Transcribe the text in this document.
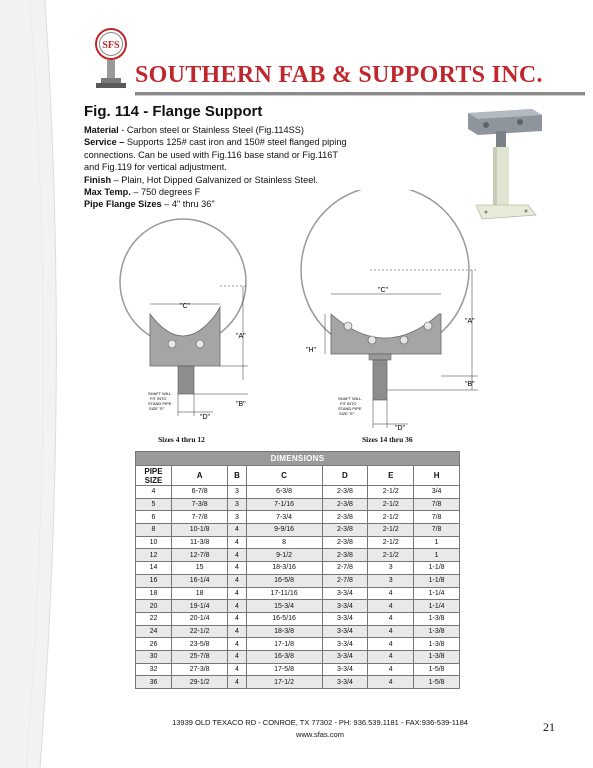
SFS
SOUTHERN FAB & SUPPORTS INC.
Fig. 114 - Flange Support
Material - Carbon steel or Stainless Steel (Fig.114SS)
Service – Supports 125# cast iron and 150# steel flanged piping connections. Can be used with Fig.116 base stand or Fig.116T and Fig.119 for vertical adjustment.
Finish – Plain, Hot Dipped Galvanized or Stainless Steel.
Max Temp. – 750 degrees F
Pipe Flange Sizes – 4" thru 36"
"C"
"A"
"B"
"D"
SHAFT WILL
FIT INTO
STAND PIPE
SIZE "E"
"C"
"A"
"B"
"D"
"H"
SHAFT WILL
FIT INTO
STAND PIPE
SIZE "E"
Sizes 4 thru 12	Sizes 14 thru 36
DIMENSIONS						
PIPE SIZE	A	B	C	D	E	H
4	6-7/8	3	6-3/8	2-3/8	2-1/2	3/4
5	7-3/8	3	7-1/16	2-3/8	2-1/2	7/8
6	7-7/8	3	7-3/4	2-3/8	2-1/2	7/8
8	10-1/8	4	9-9/16	2-3/8	2-1/2	7/8
10	11-3/8	4	8	2-3/8	2-1/2	1
12	12-7/8	4	9-1/2	2-3/8	2-1/2	1
14	15	4	18-3/16	2-7/8	3	1-1/8
16	16-1/4	4	16-5/8	2-7/8	3	1-1/8
18	18	4	17-11/16	3-3/4	4	1-1/4
20	19-1/4	4	15-3/4	3-3/4	4	1-1/4
22	20-1/4	4	16-5/16	3-3/4	4	1-3/8
24	22-1/2	4	18-3/8	3-3/4	4	1-3/8
26	23-5/8	4	17-1/8	3-3/4	4	1-3/8
30	25-7/8	4	16-3/8	3-3/4	4	1-3/8
32	27-3/8	4	17-5/8	3-3/4	4	1-5/8
36	29-1/2	4	17-1/2	3-3/4	4	1-5/8
13939 OLD TEXACO RD - CONROE, TX 77302 - PH: 936.539.1181 - FAX:936-539-1184
www.sfas.com
21
